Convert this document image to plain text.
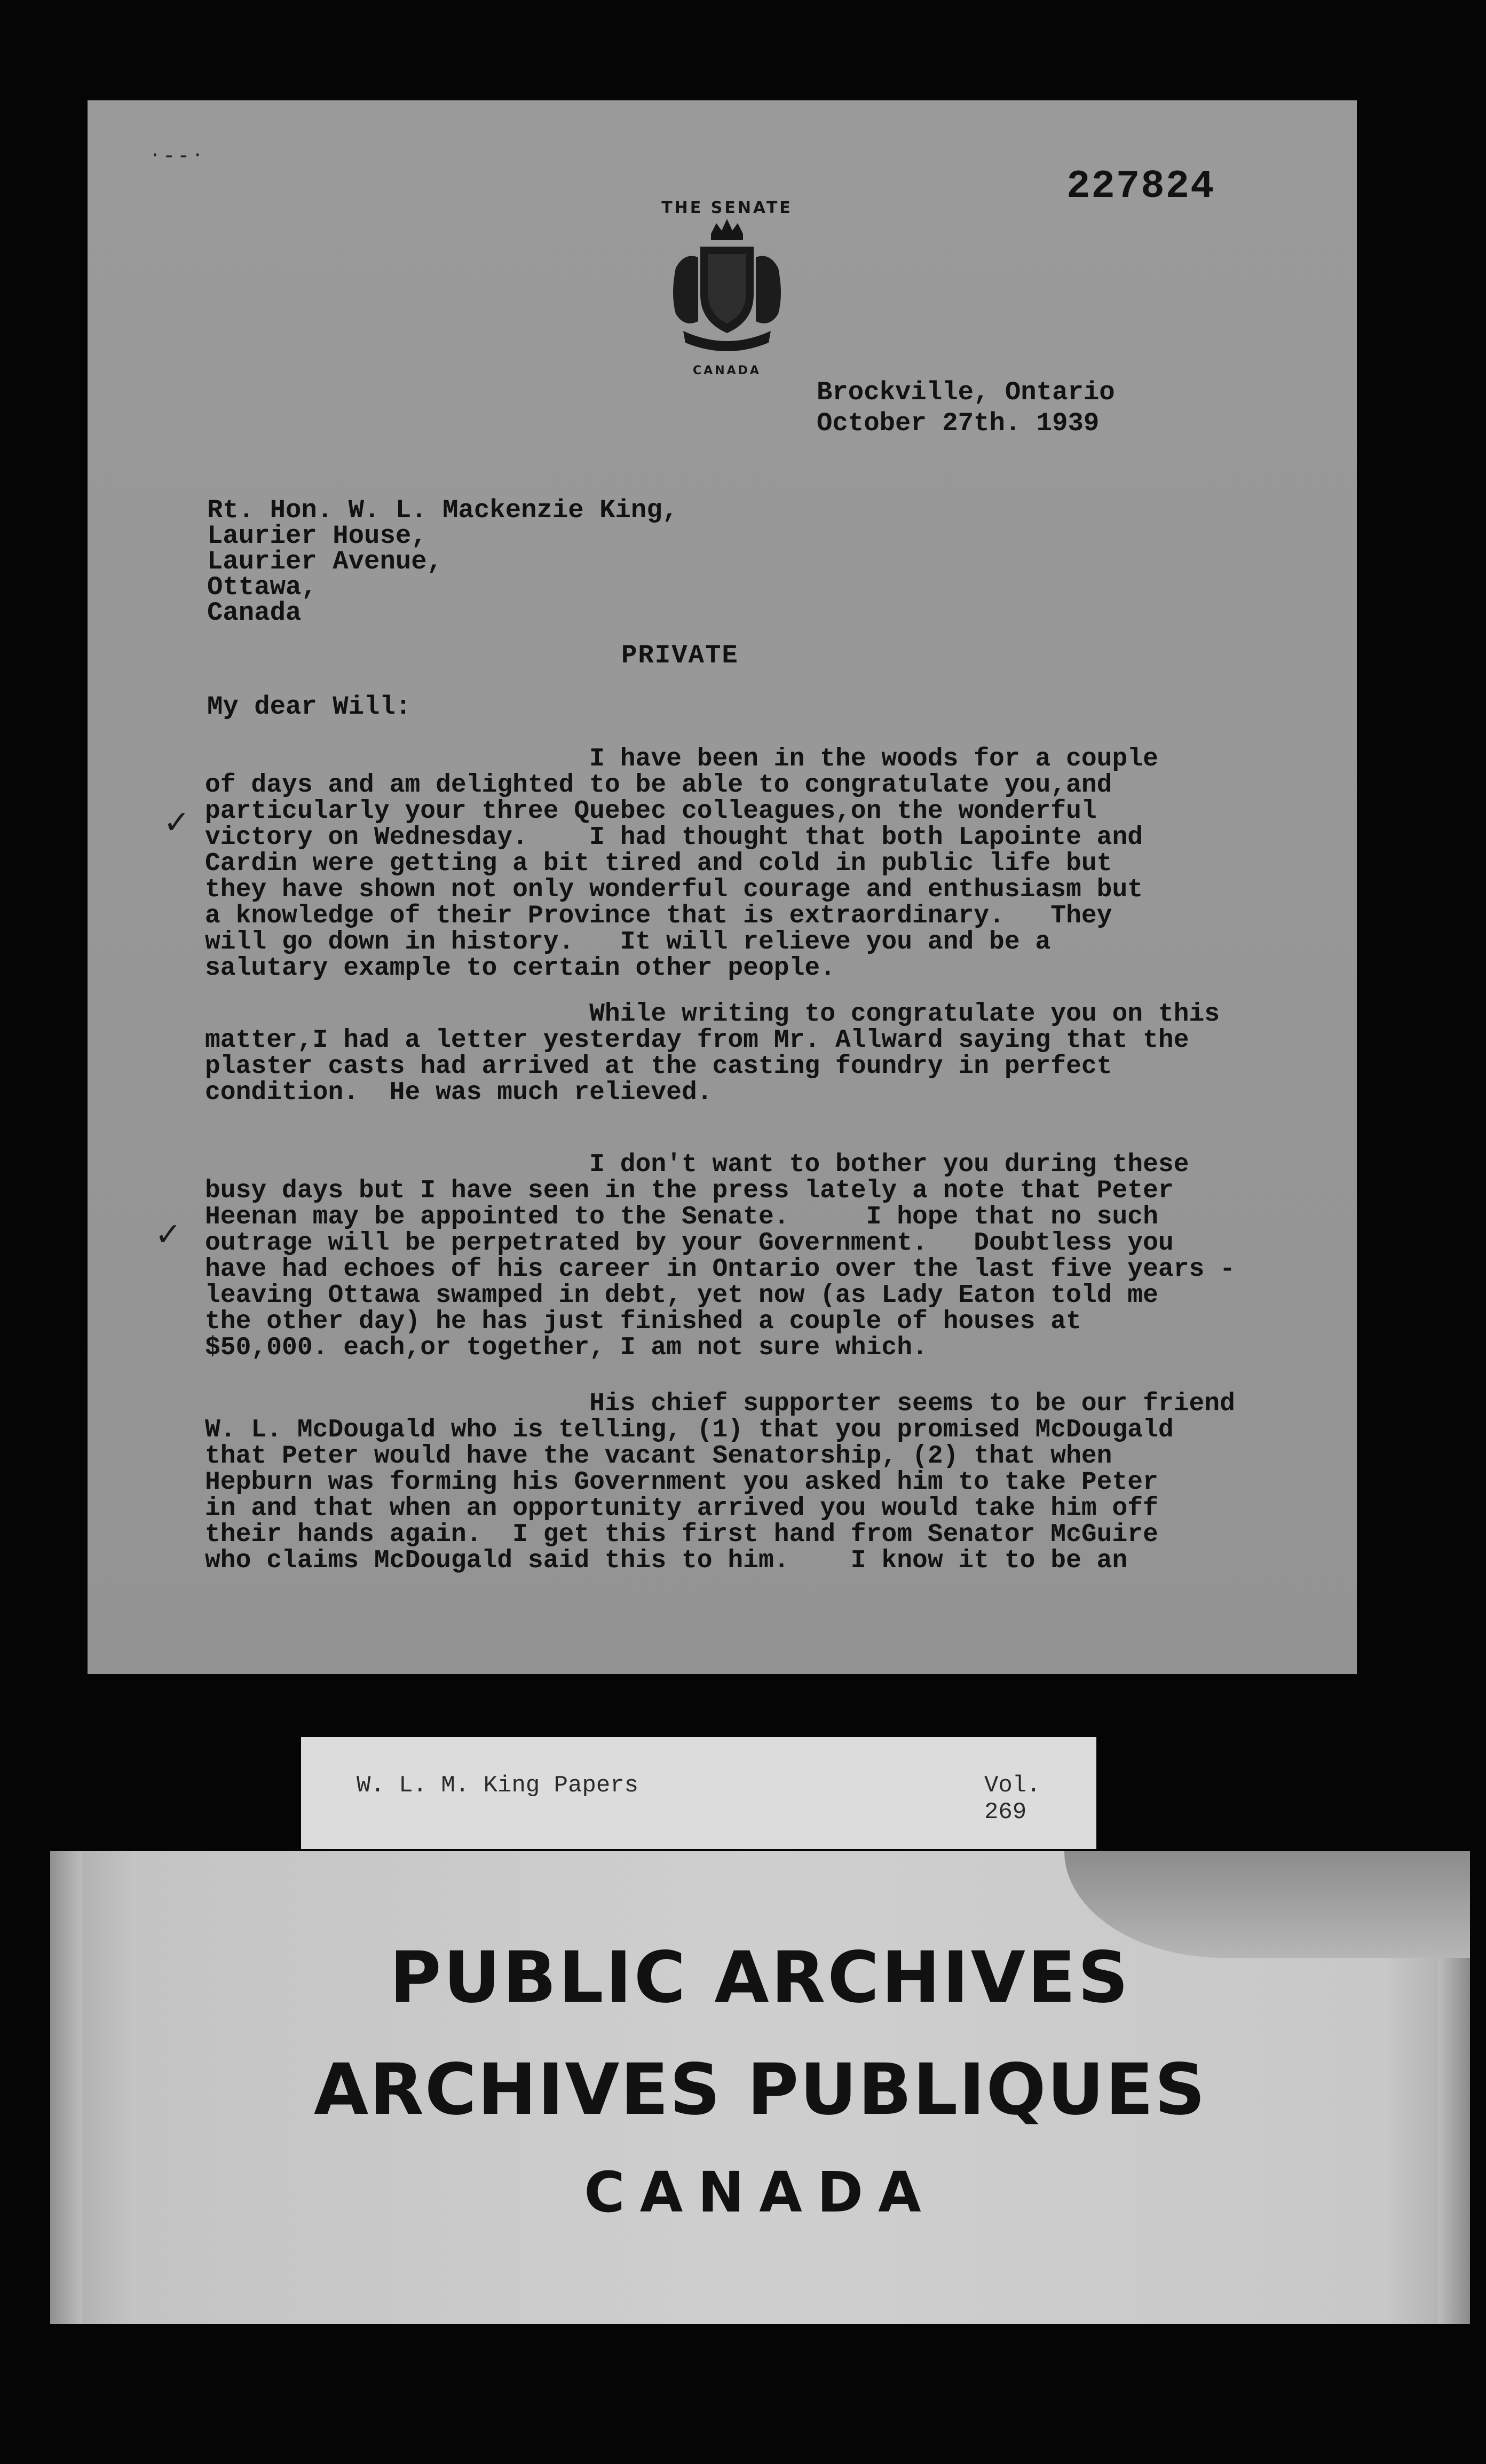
· - - ·
227824
THE SENATE
CANADA
Brockville, Ontario
October 27th. 1939
Rt. Hon. W. L. Mackenzie King,
Laurier House,
Laurier Avenue,
Ottawa,
Canada
PRIVATE
My dear Will:
I have been in the woods for a couple
of days and am delighted to be able to congratulate you,and
particularly your three Quebec colleagues,on the wonderful
victory on Wednesday.    I had thought that both Lapointe and
Cardin were getting a bit tired and cold in public life but
they have shown not only wonderful courage and enthusiasm but
a knowledge of their Province that is extraordinary.   They
will go down in history.   It will relieve you and be a
salutary example to certain other people.
While writing to congratulate you on this
matter,I had a letter yesterday from Mr. Allward saying that the
plaster casts had arrived at the casting foundry in perfect
condition.  He was much relieved.
I don't want to bother you during these
busy days but I have seen in the press lately a note that Peter
Heenan may be appointed to the Senate.     I hope that no such
outrage will be perpetrated by your Government.   Doubtless you
have had echoes of his career in Ontario over the last five years -
leaving Ottawa swamped in debt, yet now (as Lady Eaton told me
the other day) he has just finished a couple of houses at
$50,000. each,or together, I am not sure which.
His chief supporter seems to be our friend
W. L. McDougald who is telling, (1) that you promised McDougald
that Peter would have the vacant Senatorship, (2) that when
Hepburn was forming his Government you asked him to take Peter
in and that when an opportunity arrived you would take him off
their hands again.  I get this first hand from Senator McGuire
who claims McDougald said this to him.    I know it to be an
✓
✓
W. L. M. King Papers	Vol. 269
PUBLIC ARCHIVES
ARCHIVES PUBLIQUES
CANADA
